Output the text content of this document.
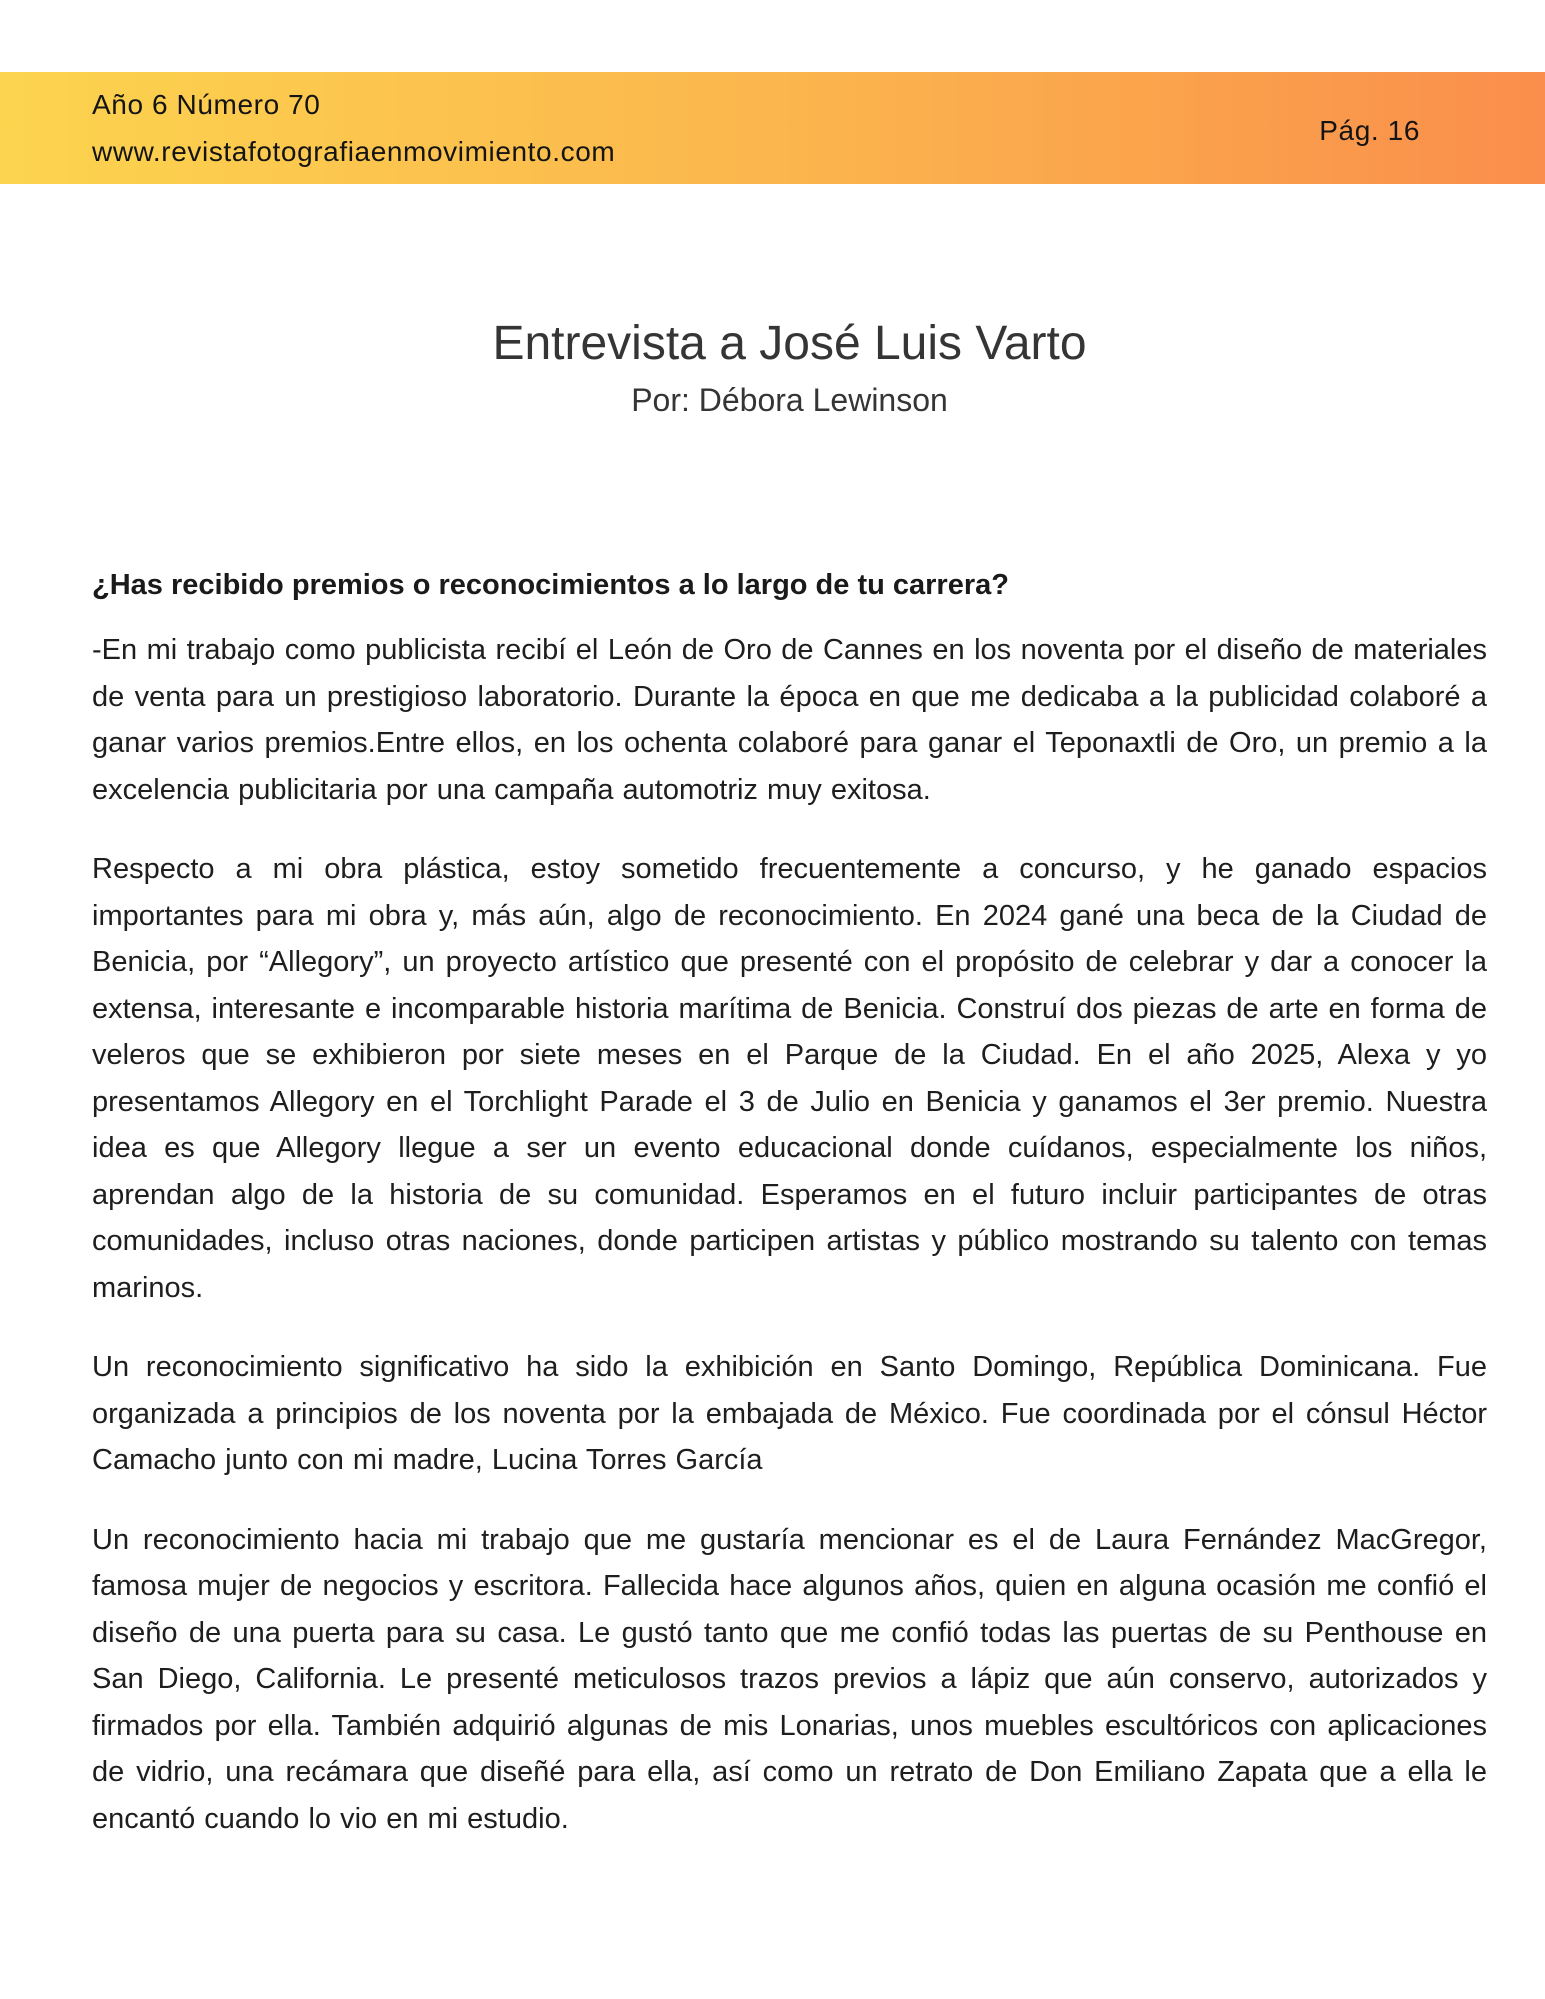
Año 6 Número 70
www.revistafotografiaenmovimiento.com
Pág. 16
Entrevista a José Luis Varto
Por: Débora Lewinson
¿Has recibido premios o reconocimientos a lo largo de tu carrera?

-En mi trabajo como publicista recibí el León de Oro de Cannes en los noventa por el diseño de materiales de venta para un prestigioso laboratorio. Durante la época en que me dedicaba a la publicidad colaboré a ganar varios premios.Entre ellos, en los ochenta colaboré para ganar el Teponaxtli de Oro, un premio a la excelencia publicitaria por una campaña automotriz muy exitosa.

Respecto a mi obra plástica, estoy sometido frecuentemente a concurso, y he ganado espacios importantes para mi obra y, más aún, algo de reconocimiento. En 2024 gané una beca de la Ciudad de Benicia, por “Allegory”, un proyecto artístico que presenté con el propósito de celebrar y dar a conocer la extensa, interesante e incomparable historia marítima de Benicia. Construí dos piezas de arte en forma de veleros que se exhibieron por siete meses en el Parque de la Ciudad. En el año 2025, Alexa y yo presentamos Allegory en el Torchlight Parade el 3 de Julio en Benicia y ganamos el 3er premio. Nuestra idea es que Allegory llegue a ser un evento educacional donde cuídanos, especialmente los niños, aprendan algo de la historia de su comunidad. Esperamos en el futuro incluir participantes de otras comunidades, incluso otras naciones, donde participen artistas y público mostrando su talento con temas marinos.

Un reconocimiento significativo ha sido la exhibición en Santo Domingo, República Dominicana. Fue organizada a principios de los noventa por la embajada de México. Fue coordinada por el cónsul Héctor Camacho junto con mi madre, Lucina Torres García

Un reconocimiento hacia mi trabajo que me gustaría mencionar es el de Laura Fernández MacGregor, famosa mujer de negocios y escritora. Fallecida hace algunos años, quien en alguna ocasión me confió el diseño de una puerta para su casa. Le gustó tanto que me confió todas las puertas de su Penthouse en San Diego, California. Le presenté meticulosos trazos previos a lápiz que aún conservo, autorizados y firmados por ella. También adquirió algunas de mis Lonarias, unos muebles escultóricos con aplicaciones de vidrio, una recámara que diseñé para ella, así como un retrato de Don Emiliano Zapata que a ella le encantó cuando lo vio en mi estudio.
